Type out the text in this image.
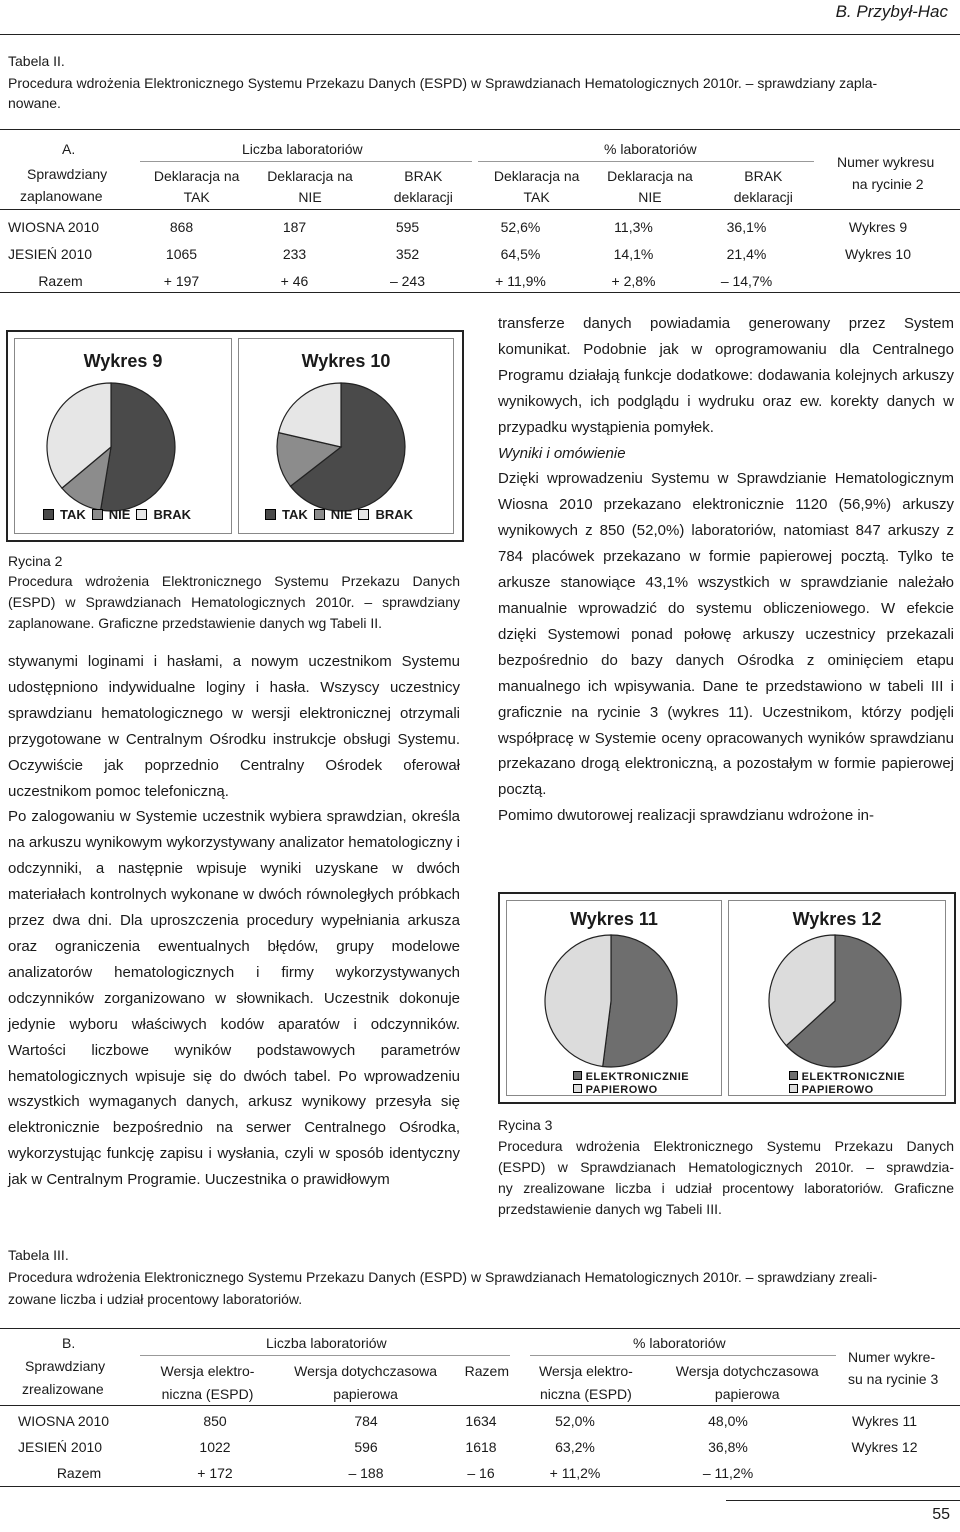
B. Przybył-Hac
Tabela II.
Procedura wdrożenia Elektronicznego Systemu Przekazu Danych (ESPD) w Sprawdzianach Hematologicznych 2010r. – sprawdziany zapla-
nowane.
A.	Liczba laboratoriów	% laboratoriów
Sprawdziany
zaplanowane
Deklaracja na	Deklaracja na	BRAK	Deklaracja na	Deklaracja na	BRAK
TAK	NIE	deklaracji	TAK	NIE	deklaracji
Numer wykresu
na rycinie 2
WIOSNA 2010	868	187	595	52,6%	11,3%	36,1%	Wykres 9
JESIEŃ 2010	1065	233	352	64,5%	14,1%	21,4%	Wykres 10
Razem	+ 197	+ 46	– 243	+ 11,9%	+ 2,8%	– 14,7%	
Wykres 9
TAK NIE BRAK
Wykres 10
TAK NIE BRAK
Rycina 2
Procedura wdrożenia Elektronicznego Systemu Przekazu Danych
(ESPD) w Sprawdzianach Hematologicznych 2010r. – sprawdziany
zaplanowane. Graficzne przedstawienie danych wg Tabeli II.

stywanymi loginami i hasłami, a nowym uczestnikom Systemu udostępniono indywidualne loginy i hasła. Wszyscy uczestnicy sprawdzianu hematologicznego w wersji elektronicznej otrzymali przygotowane w Centralnym Ośrodku instrukcje obsługi Systemu. Oczywiście jak poprzednio Centralny Ośrodek oferował uczestnikom pomoc telefoniczną.

Po zalogowaniu w Systemie uczestnik wybiera sprawdzian, określa na arkuszu wynikowym wykorzystywany analizator hematologiczny i odczynniki, a następnie wpisuje wyniki uzyskane w dwóch materiałach kontrolnych wykonane w dwóch równoległych próbkach przez dwa dni. Dla uproszczenia procedury wypełniania arkusza oraz ograniczenia ewentualnych błędów, grupy modelowe analizatorów hematologicznych i firmy wykorzystywanych odczynników zorganizowano w słownikach. Uczestnik dokonuje jedynie wyboru właściwych kodów aparatów i odczynników. Wartości liczbowe wyników podstawowych parametrów hematologicznych wpisuje się do dwóch tabel. Po wprowadzeniu wszystkich wymaganych danych, arkusz wynikowy przesyła się elektronicznie bezpośrednio na serwer Centralnego Ośrodka, wykorzystując funkcję zapisu i wysłania, czyli w sposób identyczny jak w Centralnym Programie. Uuczestnika o prawidłowym

transferze danych powiadamia generowany przez System komunikat. Podobnie jak w oprogramowaniu dla Centralnego Programu działają funkcje dodatkowe: dodawania kolejnych arkuszy wynikowych, ich podglądu i wydruku oraz ew. korekty danych w przypadku wystąpienia pomyłek.

Wyniki i omówienie

Dzięki wprowadzeniu Systemu w Sprawdzianie Hematologicznym Wiosna 2010 przekazano elektronicznie 1120 (56,9%) arkuszy wynikowych z 850 (52,0%) laboratoriów, natomiast 847 arkuszy z 784 placówek przekazano w formie papierowej pocztą. Tylko te arkusze stanowiące 43,1% wszystkich w sprawdzianie należało manualnie wprowadzić do systemu obliczeniowego. W efekcie dzięki Systemowi ponad połowę arkuszy uczestnicy przekazali bezpośrednio do bazy danych Ośrodka z ominięciem etapu manualnego ich wpisywania. Dane te przedstawiono w tabeli III i graficznie na rycinie 3 (wykres 11). Uczestnikom, którzy podjęli współpracę w Systemie oceny opracowanych wyników sprawdzianu przekazano drogą elektroniczną, a pozostałym w formie papierowej pocztą.

Pomimo dwutorowej realizacji sprawdzianu wdrożone in-

Wykres 11
ELEKTRONICZNIE
PAPIEROWO
Wykres 12
ELEKTRONICZNIE
PAPIEROWO
Rycina 3
Procedura wdrożenia Elektronicznego Systemu Przekazu Danych
(ESPD) w Sprawdzianach Hematologicznych 2010r. – sprawdzia-
ny zrealizowane liczba i udział procentowy laboratoriów. Graficzne
przedstawienie danych wg Tabeli III.
Tabela III.
Procedura wdrożenia Elektronicznego Systemu Przekazu Danych (ESPD) w Sprawdzianach Hematologicznych 2010r. – sprawdziany zreali-
zowane liczba i udział procentowy laboratoriów.
B.	Liczba laboratoriów	% laboratoriów
Sprawdziany
zrealizowane
Wersja elektro-	Wersja dotychczasowa	Razem	Wersja elektro-	Wersja dotychczasowa
niczna (ESPD)	papierowa		niczna (ESPD)	papierowa
Numer wykre-
su na rycinie 3
WIOSNA 2010	850	784	1634	52,0%	48,0%	Wykres 11
JESIEŃ 2010	1022	596	1618	63,2%	36,8%	Wykres 12
Razem	+ 172	– 188	– 16	+ 11,2%	– 11,2%	
55
